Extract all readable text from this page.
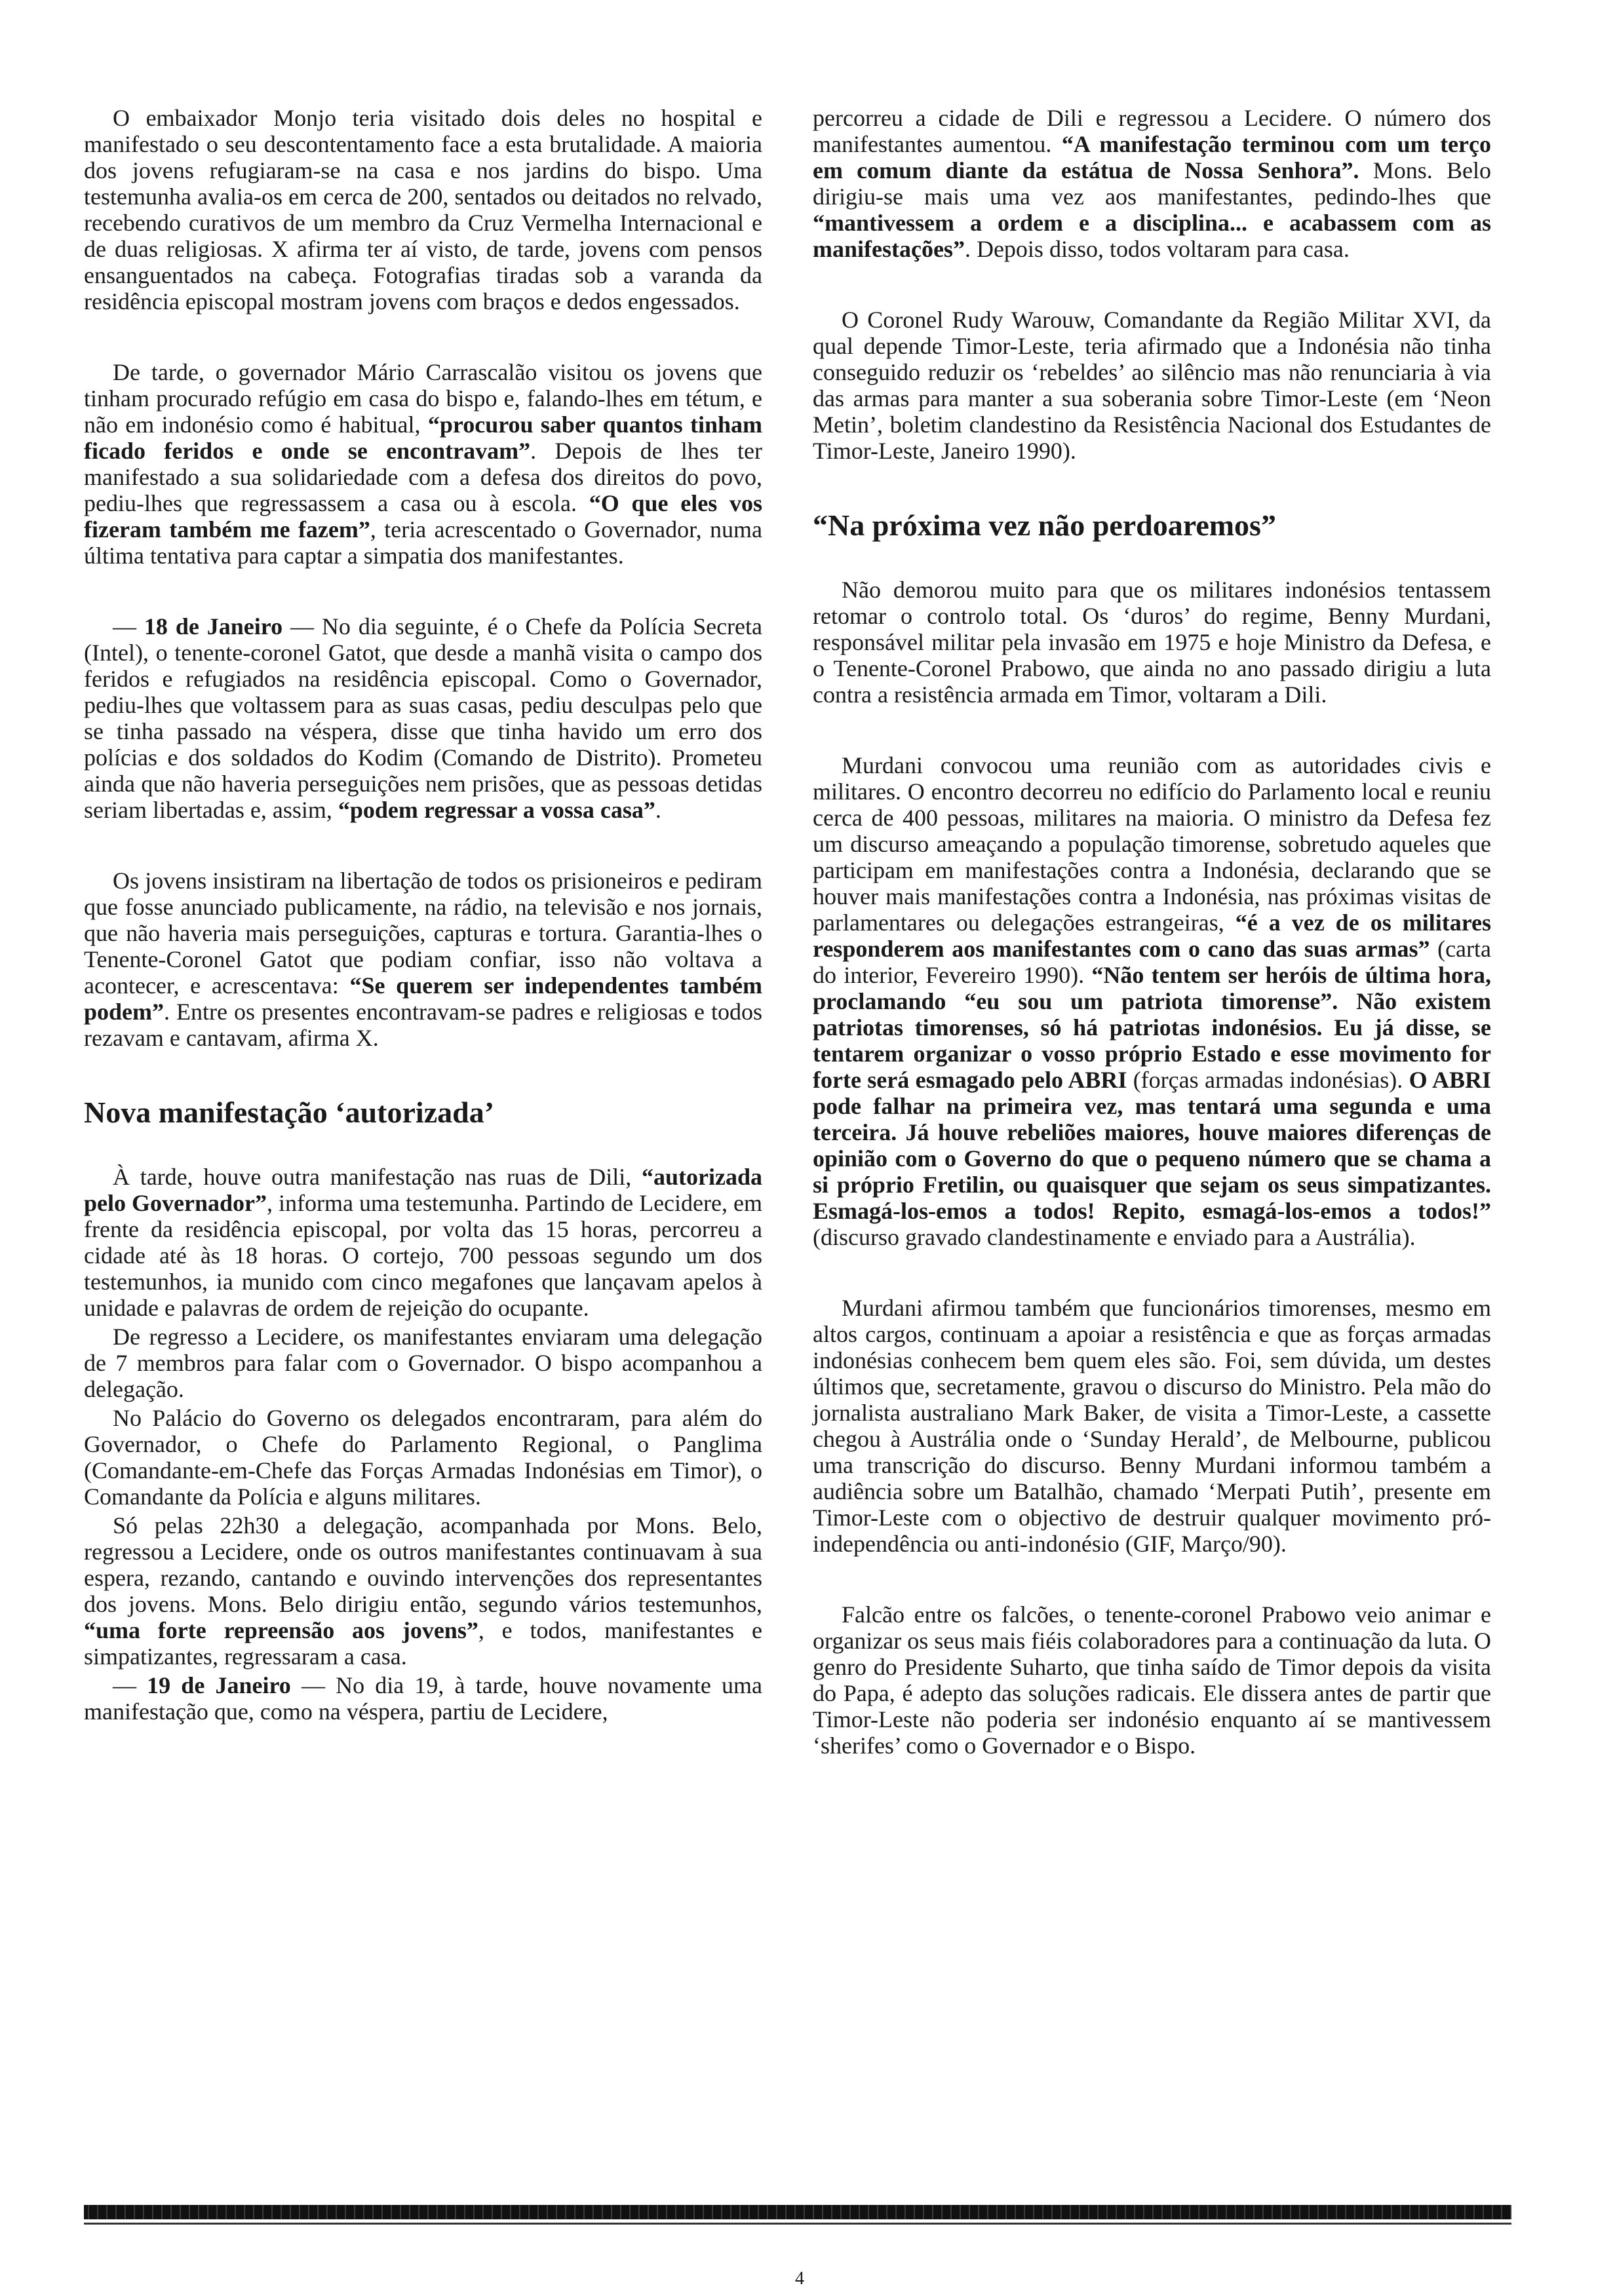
O embaixador Monjo teria visitado dois deles no hospital e manifestado o seu descontentamento face a esta brutalidade. A maioria dos jovens refugiaram-se na casa e nos jardins do bispo. Uma testemunha avalia-os em cerca de 200, sentados ou deitados no relvado, recebendo curativos de um membro da Cruz Vermelha Internacional e de duas religiosas. X afirma ter aí visto, de tarde, jovens com pensos ensanguentados na cabeça. Fotografias tiradas sob a varanda da residência episcopal mostram jovens com braços e dedos engessados.

De tarde, o governador Mário Carrascalão visitou os jovens que tinham procurado refúgio em casa do bispo e, falando-lhes em tétum, e não em indonésio como é habitual, “procurou saber quantos tinham ficado feridos e onde se encontravam”. Depois de lhes ter manifestado a sua solidariedade com a defesa dos direitos do povo, pediu-lhes que regressassem a casa ou à escola. “O que eles vos fizeram também me fazem”, teria acrescentado o Governador, numa última tentativa para captar a simpatia dos manifestantes.

— 18 de Janeiro — No dia seguinte, é o Chefe da Polícia Secreta (Intel), o tenente-coronel Gatot, que desde a manhã visita o campo dos feridos e refugiados na residência episcopal. Como o Governador, pediu-lhes que voltassem para as suas casas, pediu desculpas pelo que se tinha passado na véspera, disse que tinha havido um erro dos polícias e dos soldados do Kodim (Comando de Distrito). Prometeu ainda que não haveria perseguições nem prisões, que as pessoas detidas seriam libertadas e, assim, “podem regressar a vossa casa”.

Os jovens insistiram na libertação de todos os prisioneiros e pediram que fosse anunciado publicamente, na rádio, na televisão e nos jornais, que não haveria mais perseguições, capturas e tortura. Garantia-lhes o Tenente-Coronel Gatot que podiam confiar, isso não voltava a acontecer, e acrescentava: “Se querem ser independentes também podem”. Entre os presentes encontravam-se padres e religiosas e todos rezavam e cantavam, afirma X.

Nova manifestação ‘autorizada’

À tarde, houve outra manifestação nas ruas de Dili, “autorizada pelo Governador”, informa uma testemunha. Partindo de Lecidere, em frente da residência episcopal, por volta das 15 horas, percorreu a cidade até às 18 horas. O cortejo, 700 pessoas segundo um dos testemunhos, ia munido com cinco megafones que lançavam apelos à unidade e palavras de ordem de rejeição do ocupante.

De regresso a Lecidere, os manifestantes enviaram uma delegação de 7 membros para falar com o Governador. O bispo acompanhou a delegação.

No Palácio do Governo os delegados encontraram, para além do Governador, o Chefe do Parlamento Regional, o Panglima (Comandante-em-Chefe das Forças Armadas Indonésias em Timor), o Comandante da Polícia e alguns militares.

Só pelas 22h30 a delegação, acompanhada por Mons. Belo, regressou a Lecidere, onde os outros manifestantes continuavam à sua espera, rezando, cantando e ouvindo intervenções dos representantes dos jovens. Mons. Belo dirigiu então, segundo vários testemunhos, “uma forte repreensão aos jovens”, e todos, manifestantes e simpatizantes, regressaram a casa.

— 19 de Janeiro — No dia 19, à tarde, houve novamente uma manifestação que, como na véspera, partiu de Lecidere,

percorreu a cidade de Dili e regressou a Lecidere. O número dos manifestantes aumentou. “A manifestação terminou com um terço em comum diante da estátua de Nossa Senhora”. Mons. Belo dirigiu-se mais uma vez aos manifestantes, pedindo-lhes que “mantivessem a ordem e a disciplina... e acabassem com as manifestações”. Depois disso, todos voltaram para casa.

O Coronel Rudy Warouw, Comandante da Região Militar XVI, da qual depende Timor-Leste, teria afirmado que a Indonésia não tinha conseguido reduzir os ‘rebeldes’ ao silêncio mas não renunciaria à via das armas para manter a sua soberania sobre Timor-Leste (em ‘Neon Metin’, boletim clandestino da Resistência Nacional dos Estudantes de Timor-Leste, Janeiro 1990).

“Na próxima vez não perdoaremos”

Não demorou muito para que os militares indonésios tentassem retomar o controlo total. Os ‘duros’ do regime, Benny Murdani, responsável militar pela invasão em 1975 e hoje Ministro da Defesa, e o Tenente-Coronel Prabowo, que ainda no ano passado dirigiu a luta contra a resistência armada em Timor, voltaram a Dili.

Murdani convocou uma reunião com as autoridades civis e militares. O encontro decorreu no edifício do Parlamento local e reuniu cerca de 400 pessoas, militares na maioria. O ministro da Defesa fez um discurso ameaçando a população timorense, sobretudo aqueles que participam em manifestações contra a Indonésia, declarando que se houver mais manifestações contra a Indonésia, nas próximas visitas de parlamentares ou delegações estrangeiras, “é a vez de os militares responderem aos manifestantes com o cano das suas armas” (carta do interior, Fevereiro 1990). “Não tentem ser heróis de última hora, proclamando “eu sou um patriota timorense”. Não existem patriotas timorenses, só há patriotas indonésios. Eu já disse, se tentarem organizar o vosso próprio Estado e esse movimento for forte será esmagado pelo ABRI (forças armadas indonésias). O ABRI pode falhar na primeira vez, mas tentará uma segunda e uma terceira. Já houve rebeliões maiores, houve maiores diferenças de opinião com o Governo do que o pequeno número que se chama a si próprio Fretilin, ou quaisquer que sejam os seus simpatizantes. Esmagá-los-emos a todos! Repito, esmagá-los-emos a todos!” (discurso gravado clandestinamente e enviado para a Austrália).

Murdani afirmou também que funcionários timorenses, mesmo em altos cargos, continuam a apoiar a resistência e que as forças armadas indonésias conhecem bem quem eles são. Foi, sem dúvida, um destes últimos que, secretamente, gravou o discurso do Ministro. Pela mão do jornalista australiano Mark Baker, de visita a Timor-Leste, a cassette chegou à Austrália onde o ‘Sunday Herald’, de Melbourne, publicou uma transcrição do discurso. Benny Murdani informou também a audiência sobre um Batalhão, chamado ‘Merpati Putih’, presente em Timor-Leste com o objectivo de destruir qualquer movimento pró-independência ou anti-indonésio (GIF, Março/90).

Falcão entre os falcões, o tenente-coronel Prabowo veio animar e organizar os seus mais fiéis colaboradores para a continuação da luta. O genro do Presidente Suharto, que tinha saído de Timor depois da visita do Papa, é adepto das soluções radicais. Ele dissera antes de partir que Timor-Leste não poderia ser indonésio enquanto aí se mantivessem ‘sherifes’ como o Governador e o Bispo.

4
